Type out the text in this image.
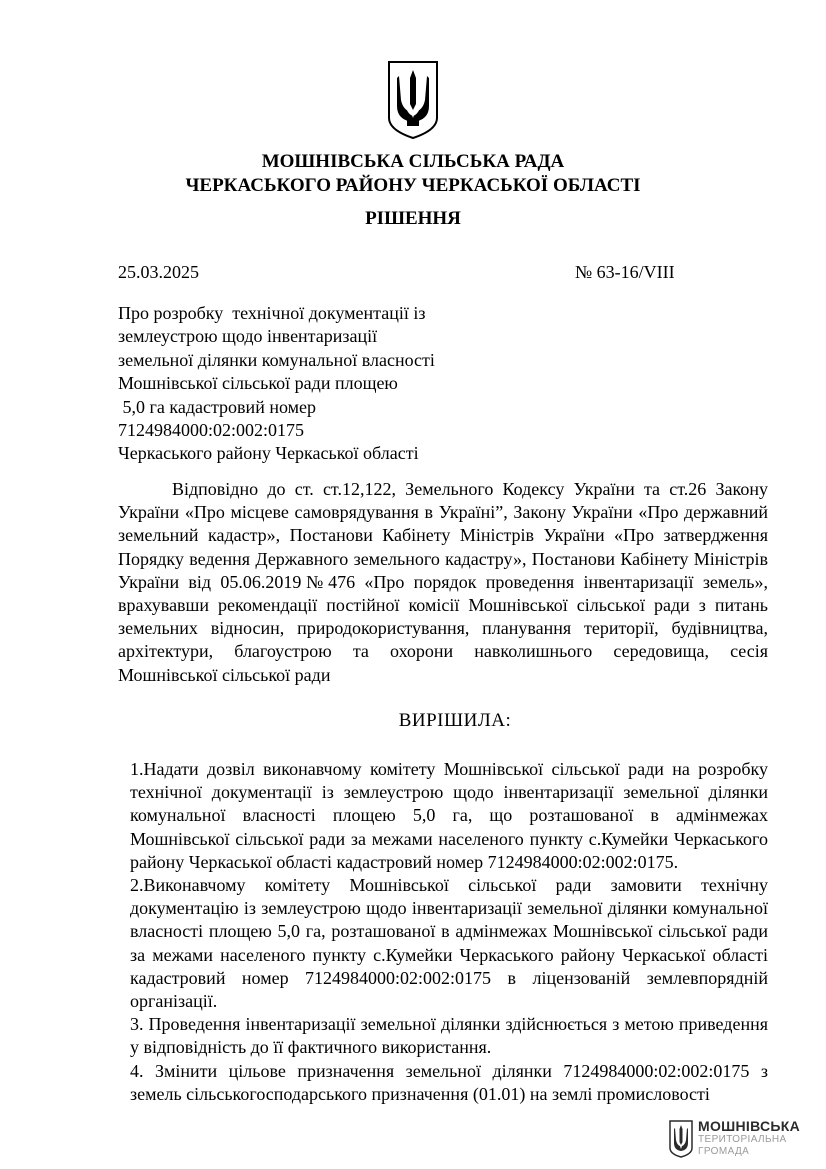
МОШНІВСЬКА СІЛЬСЬКА РАДА
ЧЕРКАСЬКОГО РАЙОНУ ЧЕРКАСЬКОЇ ОБЛАСТІ
РІШЕННЯ
25.03.2025	№ 63-16/VIII
Про розробку  технічної документації із
землеустрою щодо інвентаризації
земельної ділянки комунальної власності
Мошнівської сільської ради площею
5,0 га кадастровий номер
7124984000:02:002:0175
Черкаського району Черкаської області
Відповідно до ст. ст.12,122, Земельного Кодексу України та ст.26 Закону України «Про місцеве самоврядування в Україні”, Закону України «Про державний земельний кадастр», Постанови Кабінету Міністрів України «Про затвердження Порядку ведення Державного земельного кадастру», Постанови Кабінету Міністрів України від 05.06.2019№476 «Про порядок проведення інвентаризації земель», врахувавши рекомендації постійної комісії Мошнівської сільської ради з питань земельних відносин, природокористування, планування території, будівництва, архітектури, благоустрою та охорони навколишнього середовища, сесія Мошнівської сільської ради
ВИРІШИЛА:

1.Надати дозвіл виконавчому комітету Мошнівської сільської ради на розробку технічної документації із землеустрою щодо інвентаризації земельної ділянки комунальної власності площею 5,0 га, що розташованої в адмінмежах Мошнівської сільської ради за межами населеного пункту с.Кумейки Черкаського району Черкаської області кадастровий номер 7124984000:02:002:0175.

2.Виконавчому комітету Мошнівської сільської ради замовити технічну документацію із землеустрою щодо інвентаризації земельної ділянки комунальної власності площею 5,0 га, розташованої в адмінмежах Мошнівської сільської ради за межами населеного пункту с.Кумейки Черкаського району Черкаської області кадастровий номер 7124984000:02:002:0175 в ліцензованій землевпорядній організації.

3. Проведення інвентаризації земельної ділянки здійснюється з метою приведення у відповідність до її фактичного використання.

4. Змінити цільове призначення земельної ділянки 7124984000:02:002:0175 з земель сільськогосподарського призначення (01.01) на землі промисловості

МОШНІВСЬКА
ТЕРИТОРІАЛЬНА
ГРОМАДА
